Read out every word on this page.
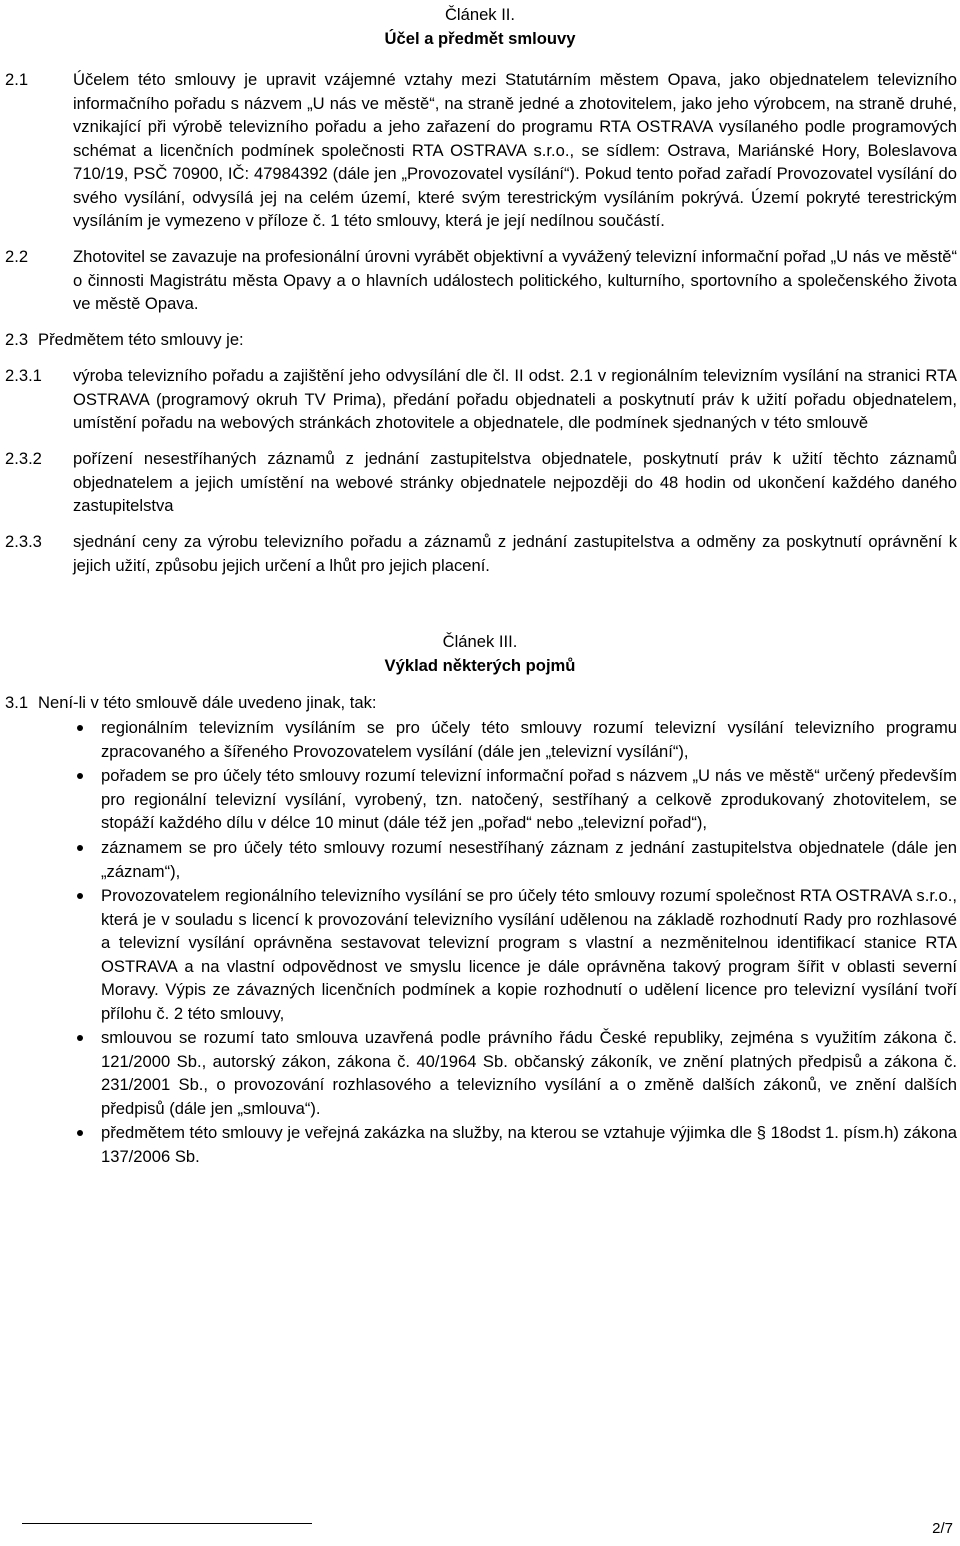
Článek II.
Účel a předmět smlouvy
2.1	Účelem této smlouvy je upravit vzájemné vztahy mezi Statutárním městem Opava, jako objednatelem televizního informačního pořadu s názvem „U nás ve městě“, na straně jedné a zhotovitelem, jako jeho výrobcem, na straně druhé, vznikající při výrobě televizního pořadu a jeho zařazení do programu RTA OSTRAVA vysílaného podle programových schémat a licenčních podmínek společnosti RTA OSTRAVA s.r.o., se sídlem: Ostrava, Mariánské Hory, Boleslavova 710/19, PSČ 70900, IČ: 47984392 (dále jen „Provozovatel vysílání“). Pokud tento pořad zařadí Provozovatel vysílání do svého vysílání, odvysílá jej na celém území, které svým terestrickým vysíláním pokrývá. Území pokryté terestrickým vysíláním je vymezeno v příloze č. 1 této smlouvy, která je její nedílnou součástí.
2.2	Zhotovitel se zavazuje na profesionální úrovni vyrábět objektivní a vyvážený televizní informační pořad „U nás ve městě“ o činnosti Magistrátu města Opavy a o hlavních událostech politického, kulturního, sportovního a společenského života ve městě Opava.
2.3 Předmětem této smlouvy je:
2.3.1 výroba televizního pořadu a zajištění jeho odvysílání dle čl. II odst. 2.1 v regionálním televizním vysílání na stranici RTA OSTRAVA (programový okruh TV Prima), předání pořadu objednateli a poskytnutí práv k užití pořadu objednatelem, umístění pořadu na webových stránkách zhotovitele a objednatele, dle podmínek sjednaných v této smlouvě
2.3.2 pořízení nesestříhaných záznamů z jednání zastupitelstva objednatele, poskytnutí práv k užití těchto záznamů objednatelem a jejich umístění na webové stránky objednatele nejpozději do 48 hodin od ukončení každého daného zastupitelstva
2.3.3 sjednání ceny za výrobu televizního pořadu a záznamů z jednání zastupitelstva a odměny za poskytnutí oprávnění k jejich užití, způsobu jejich určení a lhůt pro jejich placení.
Článek III.
Výklad některých pojmů
3.1 Není-li v této smlouvě dále uvedeno jinak, tak:
regionálním televizním vysíláním se pro účely této smlouvy rozumí televizní vysílání televizního programu zpracovaného a šířeného Provozovatelem vysílání (dále jen „televizní vysílání“),
pořadem se pro účely této smlouvy rozumí televizní informační pořad s názvem „U nás ve městě“ určený především pro regionální televizní vysílání, vyrobený, tzn. natočený, sestříhaný a celkově zprodukovaný zhotovitelem, se stopáží každého dílu v délce 10 minut (dále též jen „pořad“ nebo „televizní pořad“),
záznamem se pro účely této smlouvy rozumí nesestříhaný záznam z jednání zastupitelstva objednatele (dále jen „záznam“),
Provozovatelem regionálního televizního vysílání se pro účely této smlouvy rozumí společnost RTA OSTRAVA s.r.o., která je v souladu s licencí k provozování televizního vysílání udělenou na základě rozhodnutí Rady pro rozhlasové a televizní vysílání oprávněna sestavovat televizní program s vlastní a nezměnitelnou identifikací stanice RTA OSTRAVA a na vlastní odpovědnost ve smyslu licence je dále oprávněna takový program šířit v oblasti severní Moravy. Výpis ze závazných licenčních podmínek a kopie rozhodnutí o udělení licence pro televizní vysílání tvoří přílohu č. 2 této smlouvy,
smlouvou se rozumí tato smlouva uzavřená podle právního řádu České republiky, zejména s využitím zákona č. 121/2000 Sb., autorský zákon, zákona č. 40/1964 Sb. občanský zákoník, ve znění platných předpisů a zákona č. 231/2001 Sb., o provozování rozhlasového a televizního vysílání a o změně dalších zákonů, ve znění dalších předpisů (dále jen „smlouva“).
předmětem této smlouvy je veřejná zakázka na služby, na kterou se vztahuje výjimka dle § 18odst 1. písm.h) zákona 137/2006 Sb.
2/7
